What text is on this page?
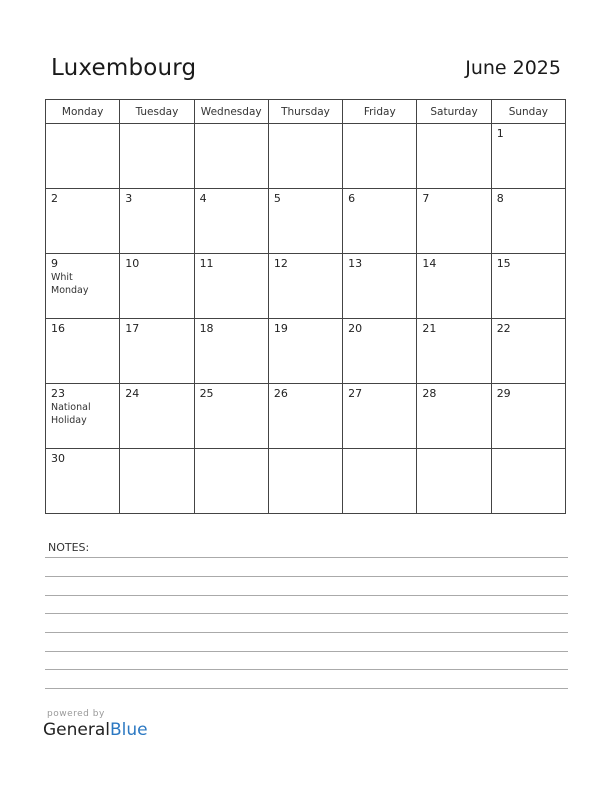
Luxembourg	June 2025
Monday	Tuesday	Wednesday	Thursday	Friday	Saturday	Sunday

						1

2	3	4	5	6	7	8

9
Whit
Monday	10	11	12	13	14	15

16	17	18	19	20	21	22

23
National
Holiday	24	25	26	27	28	29

30						

NOTES:
powered by
GeneralBlue
